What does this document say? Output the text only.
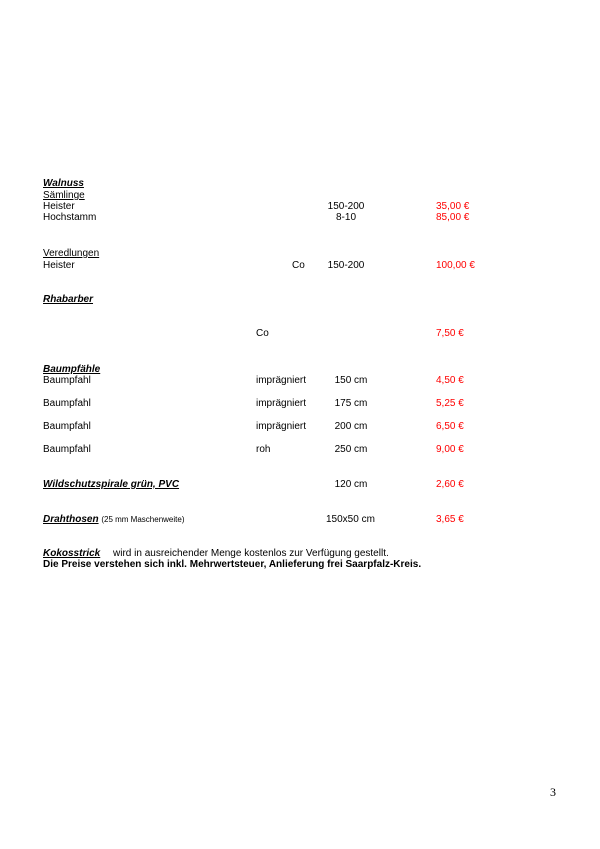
Walnuss
Sämlinge
Heister	150-200	35,00 €
Hochstamm	8-10	85,00 €
Veredlungen
Heister	Co	150-200	100,00 €
Rhabarber
Co	7,50 €
Baumpfähle
Baumpfahl	imprägniert	150 cm	4,50 €
Baumpfahl	imprägniert	175 cm	5,25 €
Baumpfahl	imprägniert	200 cm	6,50 €
Baumpfahl	roh	250 cm	9,00 €
Wildschutzspirale grün, PVC	120 cm	2,60 €
Drahthosen (25 mm Maschenweite)	150x50 cm	3,65 €
Kokosstrick wird in ausreichender Menge kostenlos zur Verfügung gestellt.
Die Preise verstehen sich inkl. Mehrwertsteuer, Anlieferung frei Saarpfalz-Kreis.
3
